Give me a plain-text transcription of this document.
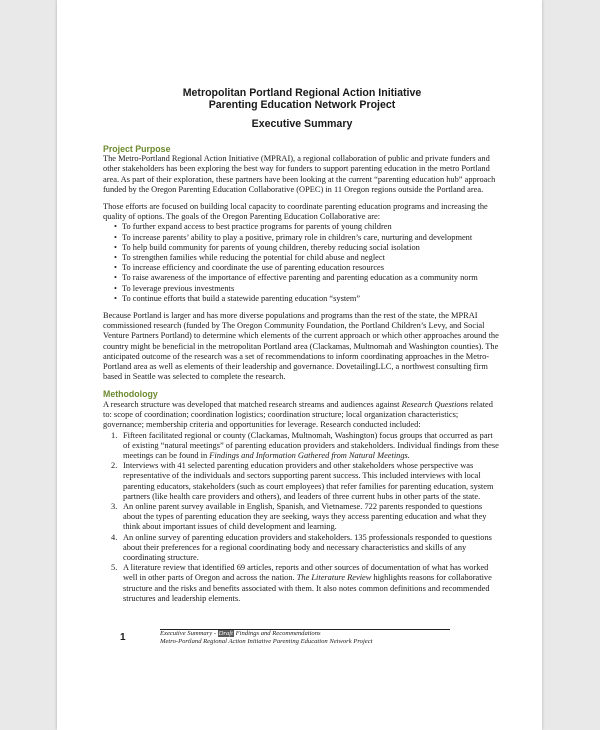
Metropolitan Portland Regional Action Initiative
Parenting Education Network Project
Executive Summary
Project Purpose

The Metro-Portland Regional Action Initiative (MPRAI), a regional collaboration of public and private funders and other stakeholders has been exploring the best way for funders to support parenting education in the metro Portland area. As part of their exploration, these partners have been looking at the current “parenting education hub” approach funded by the Oregon Parenting Education Collaborative (OPEC) in 11 Oregon regions outside the Portland area.

Those efforts are focused on building local capacity to coordinate parenting education programs and increasing the quality of options. The goals of the Oregon Parenting Education Collaborative are:

• To further expand access to best practice programs for parents of young children
• To increase parents’ ability to play a positive, primary role in children’s care, nurturing and development
• To help build community for parents of young children, thereby reducing social isolation
• To strengthen families while reducing the potential for child abuse and neglect
• To increase efficiency and coordinate the use of parenting education resources
• To raise awareness of the importance of effective parenting and parenting education as a community norm
• To leverage previous investments
• To continue efforts that build a statewide parenting education “system”

Because Portland is larger and has more diverse populations and programs than the rest of the state, the MPRAI commissioned research (funded by The Oregon Community Foundation, the Portland Children’s Levy, and Social Venture Partners Portland) to determine which elements of the current approach or which other approaches around the country might be beneficial in the metropolitan Portland area (Clackamas, Multnomah and Washington counties). The anticipated outcome of the research was a set of recommendations to inform coordinating approaches in the Metro-Portland area as well as elements of their leadership and governance. DovetailingLLC, a northwest consulting firm based in Seattle was selected to complete the research.

Methodology

A research structure was developed that matched research streams and audiences against Research Questions related to: scope of coordination; coordination logistics; coordination structure; local organization characteristics; governance; membership criteria and opportunities for leverage. Research conducted included:

1. Fifteen facilitated regional or county (Clackamas, Multnomah, Washington) focus groups that occurred as part of existing “natural meetings” of parenting education providers and stakeholders. Individual findings from these meetings can be found in Findings and Information Gathered from Natural Meetings.
2. Interviews with 41 selected parenting education providers and other stakeholders whose perspective was representative of the individuals and sectors supporting parent success. This included interviews with local parenting educators, stakeholders (such as court employees) that refer families for parenting education, system partners (like health care providers and others), and leaders of three current hubs in other parts of the state.
3. An online parent survey available in English, Spanish, and Vietnamese. 722 parents responded to questions about the types of parenting education they are seeking, ways they access parenting education and what they think about important issues of child development and learning.
4. An online survey of parenting education providers and stakeholders. 135 professionals responded to questions about their preferences for a regional coordinating body and necessary characteristics and skills of any coordinating structure.
5. A literature review that identified 69 articles, reports and other sources of documentation of what has worked well in other parts of Oregon and across the nation. The Literature Review highlights reasons for collaborative structure and the risks and benefits associated with them. It also notes common definitions and recommended structures and leadership elements.
1	Executive Summary - Draft Findings and Recommendations
Metro-Portland Regional Action Initiative Parenting Education Network Project
